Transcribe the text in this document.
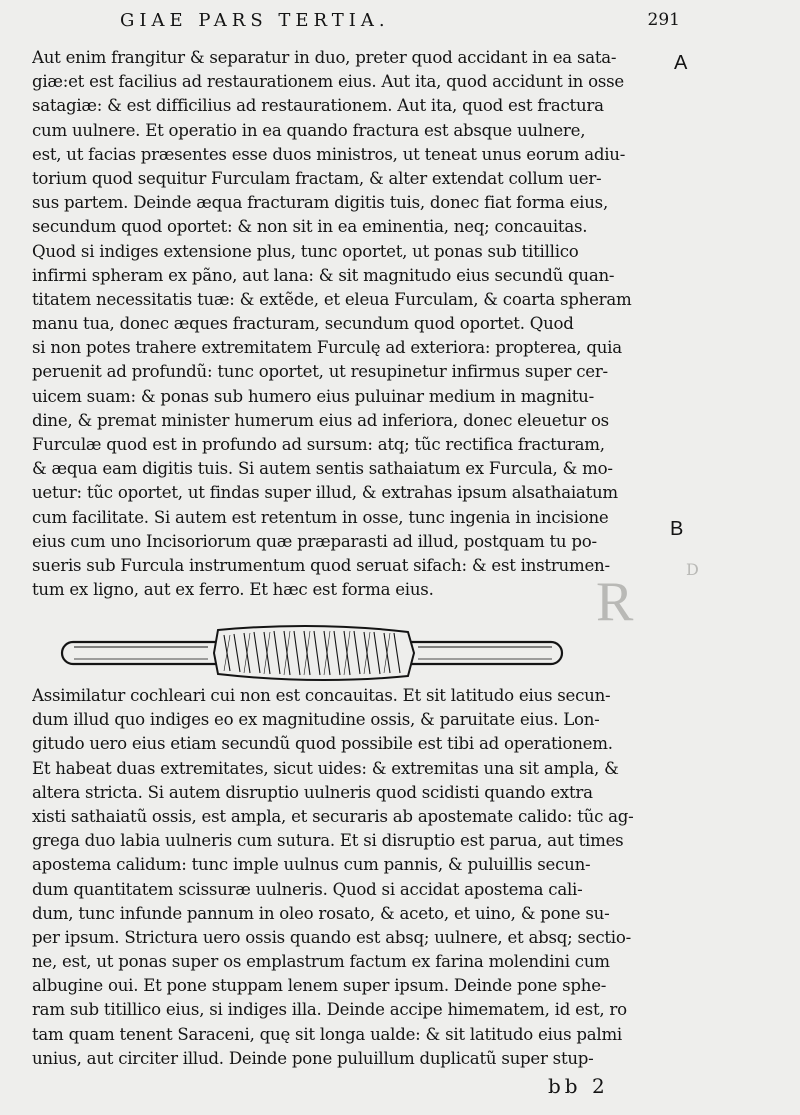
GIAE PARS TERTIA.	291
A
B
D
R
Aut enim frangitur & separatur in duo, preter quod accidant in ea sata-
giæ:et est facilius ad restaurationem eius. Aut ita, quod accidunt in osse
satagiæ: & est difficilius ad restaurationem. Aut ita, quod est fractura
cum uulnere. Et operatio in ea quando fractura est absque uulnere,
est, ut facias præsentes esse duos ministros, ut teneat unus eorum adiu-
torium quod sequitur Furculam fractam, & alter extendat collum uer-
sus partem. Deinde æqua fracturam digitis tuis, donec fiat forma eius,
secundum quod oportet: & non sit in ea eminentia, neq; concauitas.
Quod si indiges extensione plus, tunc oportet, ut ponas sub titillico
infirmi spheram ex pãno, aut lana: & sit magnitudo eius secundũ quan-
titatem necessitatis tuæ: & extẽde, et eleua Furculam, & coarta spheram
manu tua, donec æques fracturam, secundum quod oportet. Quod
si non potes trahere extremitatem Furculę ad exteriora: propterea, quia
peruenit ad profundũ: tunc oportet, ut resupinetur infirmus super cer-
uicem suam: & ponas sub humero eius puluinar medium in magnitu-
dine, & premat minister humerum eius ad inferiora, donec eleuetur os
Furculæ quod est in profundo ad sursum: atq; tũc rectifica fracturam,
& æqua eam digitis tuis. Si autem sentis sathaiatum ex Furcula, & mo-
uetur: tũc oportet, ut findas super illud, & extrahas ipsum alsathaiatum
cum facilitate. Si autem est retentum in osse, tunc ingenia in incisione
eius cum uno Incisoriorum quæ præparasti ad illud, postquam tu po-
sueris sub Furcula instrumentum quod seruat sifach: & est instrumen-
tum ex ligno, aut ex ferro. Et hæc est forma eius.
Assimilatur cochleari cui non est concauitas. Et sit latitudo eius secun-
dum illud quo indiges eo ex magnitudine ossis, & paruitate eius. Lon-
gitudo uero eius etiam secundũ quod possibile est tibi ad operationem.
Et habeat duas extremitates, sicut uides: & extremitas una sit ampla, &
altera stricta. Si autem disruptio uulneris quod scidisti quando extra
xisti sathaiatũ ossis, est ampla, et securaris ab apostemate calido: tũc ag-
grega duo labia uulneris cum sutura. Et si disruptio est parua, aut times
apostema calidum: tunc imple uulnus cum pannis, & puluillis secun-
dum quantitatem scissuræ uulneris. Quod si accidat apostema cali-
dum, tunc infunde pannum in oleo rosato, & aceto, et uino, & pone su-
per ipsum. Strictura uero ossis quando est absq; uulnere, et absq; sectio-
ne, est, ut ponas super os emplastrum factum ex farina molendini cum
albugine oui. Et pone stuppam lenem super ipsum. Deinde pone sphe-
ram sub titillico eius, si indiges illa. Deinde accipe himematem, id est, ro
tam quam tenent Saraceni, quę sit longa ualde: & sit latitudo eius palmi
unius, aut circiter illud. Deinde pone puluillum duplicatũ super stup-
bb 2
